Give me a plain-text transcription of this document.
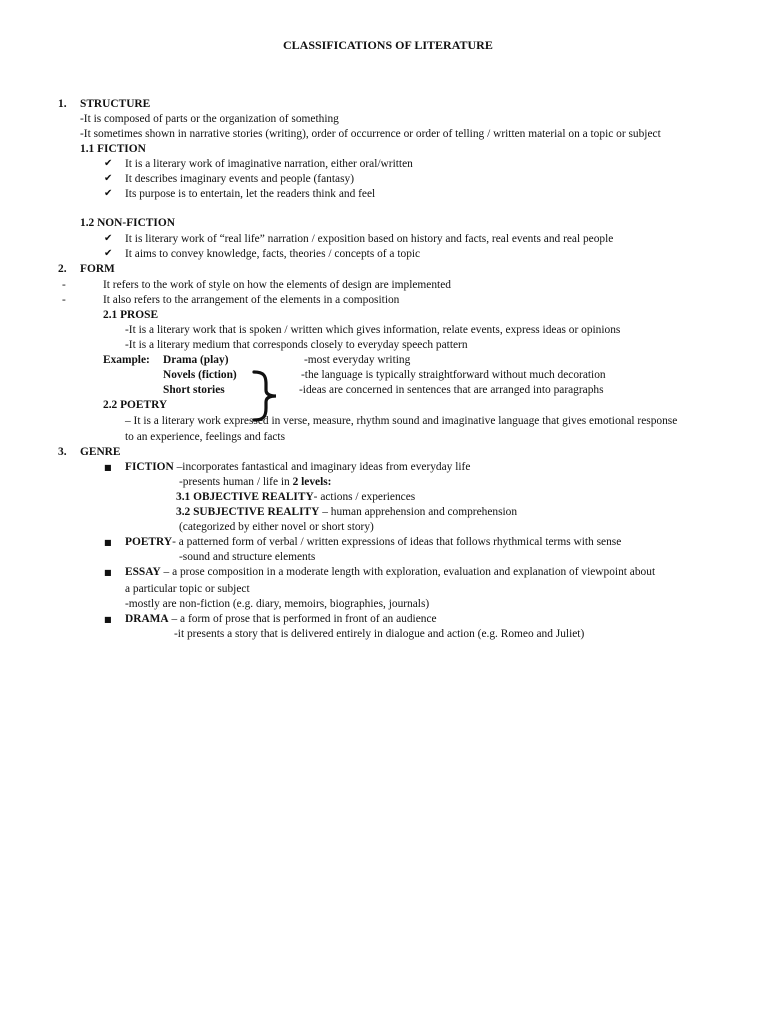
CLASSIFICATIONS OF LITERATURE
1. STRUCTURE
-It is composed of parts or the organization of something
-It sometimes shown in narrative stories (writing), order of occurrence or order of telling / written material on a topic or subject
1.1 FICTION
✔ It is a literary work of imaginative narration, either oral/written
✔ It describes imaginary events and people (fantasy)
✔ Its purpose is to entertain, let the readers think and feel
1.2 NON-FICTION
✔ It is literary work of “real life” narration / exposition based on history and facts, real events and real people
✔ It aims to convey knowledge, facts, theories / concepts of a topic
2. FORM
-	It refers to the work of style on how the elements of design are implemented
-	It also refers to the arrangement of the elements in a composition
2.1 PROSE
-It is a literary work that is spoken / written which gives information, relate events, express ideas or opinions
-It is a literary medium that corresponds closely to everyday speech pattern
Example: Drama (play)	-most everyday writing
Novels (fiction)	-the language is typically straightforward without much decoration
Short stories	-ideas are concerned in sentences that are arranged into paragraphs
2.2 POETRY
– It is a literary work expressed in verse, measure, rhythm sound and imaginative language that gives emotional response
to an experience, feelings and facts
3. GENRE
■ FICTION –incorporates fantastical and imaginary ideas from everyday life
-presents human / life in 2 levels:
3.1 OBJECTIVE REALITY- actions / experiences
3.2 SUBJECTIVE REALITY – human apprehension and comprehension
(categorized by either novel or short story)
■ POETRY- a patterned form of verbal / written expressions of ideas that follows rhythmical terms with sense
-sound and structure elements
■ ESSAY – a prose composition in a moderate length with exploration, evaluation and explanation of viewpoint about
a particular topic or subject
-mostly are non-fiction (e.g. diary, memoirs, biographies, journals)
■ DRAMA – a form of prose that is performed in front of an audience
-it presents a story that is delivered entirely in dialogue and action (e.g. Romeo and Juliet)
